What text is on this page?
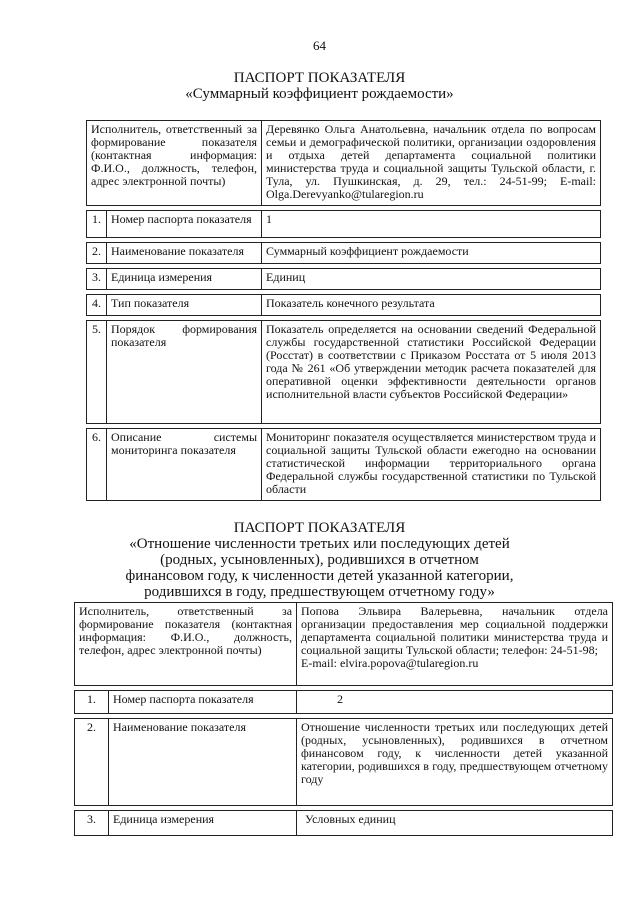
64
ПАСПОРТ ПОКАЗАТЕЛЯ
«Суммарный коэффициент рождаемости»
Исполнитель, ответственный за формирование показателя (контактная информация: Ф.И.О., должность, телефон, адрес электронной почты)		Деревянко Ольга Анатольевна, начальник отдела по вопросам семьи и демографической политики, организации оздоровления и отдыха детей департамента социальной политики министерства труда и социальной защиты Тульской области, г. Тула, ул. Пушкинская, д. 29, тел.: 24-51-99; E-mail: Olga.Derevyanko@tularegion.ru

1.	Номер паспорта показателя	1

2.	Наименование показателя	Суммарный коэффициент рождаемости

3.	Единица измерения	Единиц

4.	Тип показателя	Показатель конечного результата

5.	Порядок формирования показателя	Показатель определяется на основании сведений Федеральной службы государственной статистики Российской Федерации (Росстат) в соответствии с Приказом Росстата от 5 июля 2013 года № 261 «Об утверждении методик расчета показателей для оперативной оценки эффективности деятельности органов исполнительной власти субъектов Российской Федерации»

6.	Описание системы мониторинга показателя	Мониторинг показателя осуществляется министерством труда и социальной защиты Тульской области ежегодно на основании статистической информации территориального органа Федеральной службы государственной статистики по Тульской области
ПАСПОРТ ПОКАЗАТЕЛЯ
«Отношение численности третьих или последующих детей
(родных, усыновленных), родившихся в отчетном
финансовом году, к численности детей указанной категории,
родившихся в году, предшествующем отчетному году»
Исполнитель, ответственный за формирование показателя (контактная информация: Ф.И.О., должность, телефон, адрес электронной почты)		Попова Эльвира Валерьевна, начальник отдела организации предоставления мер социальной поддержки департамента социальной политики министерства труда и социальной защиты Тульской области; телефон: 24-51-98;
E-mail: elvira.popova@tularegion.ru

1.	Номер паспорта показателя	2

2.	Наименование показателя	Отношение численности третьих или последующих детей (родных, усыновленных), родившихся в отчетном финансовом году, к численности детей указанной категории, родившихся в году, предшествующем отчетному году

3.	Единица измерения	Условных единиц
